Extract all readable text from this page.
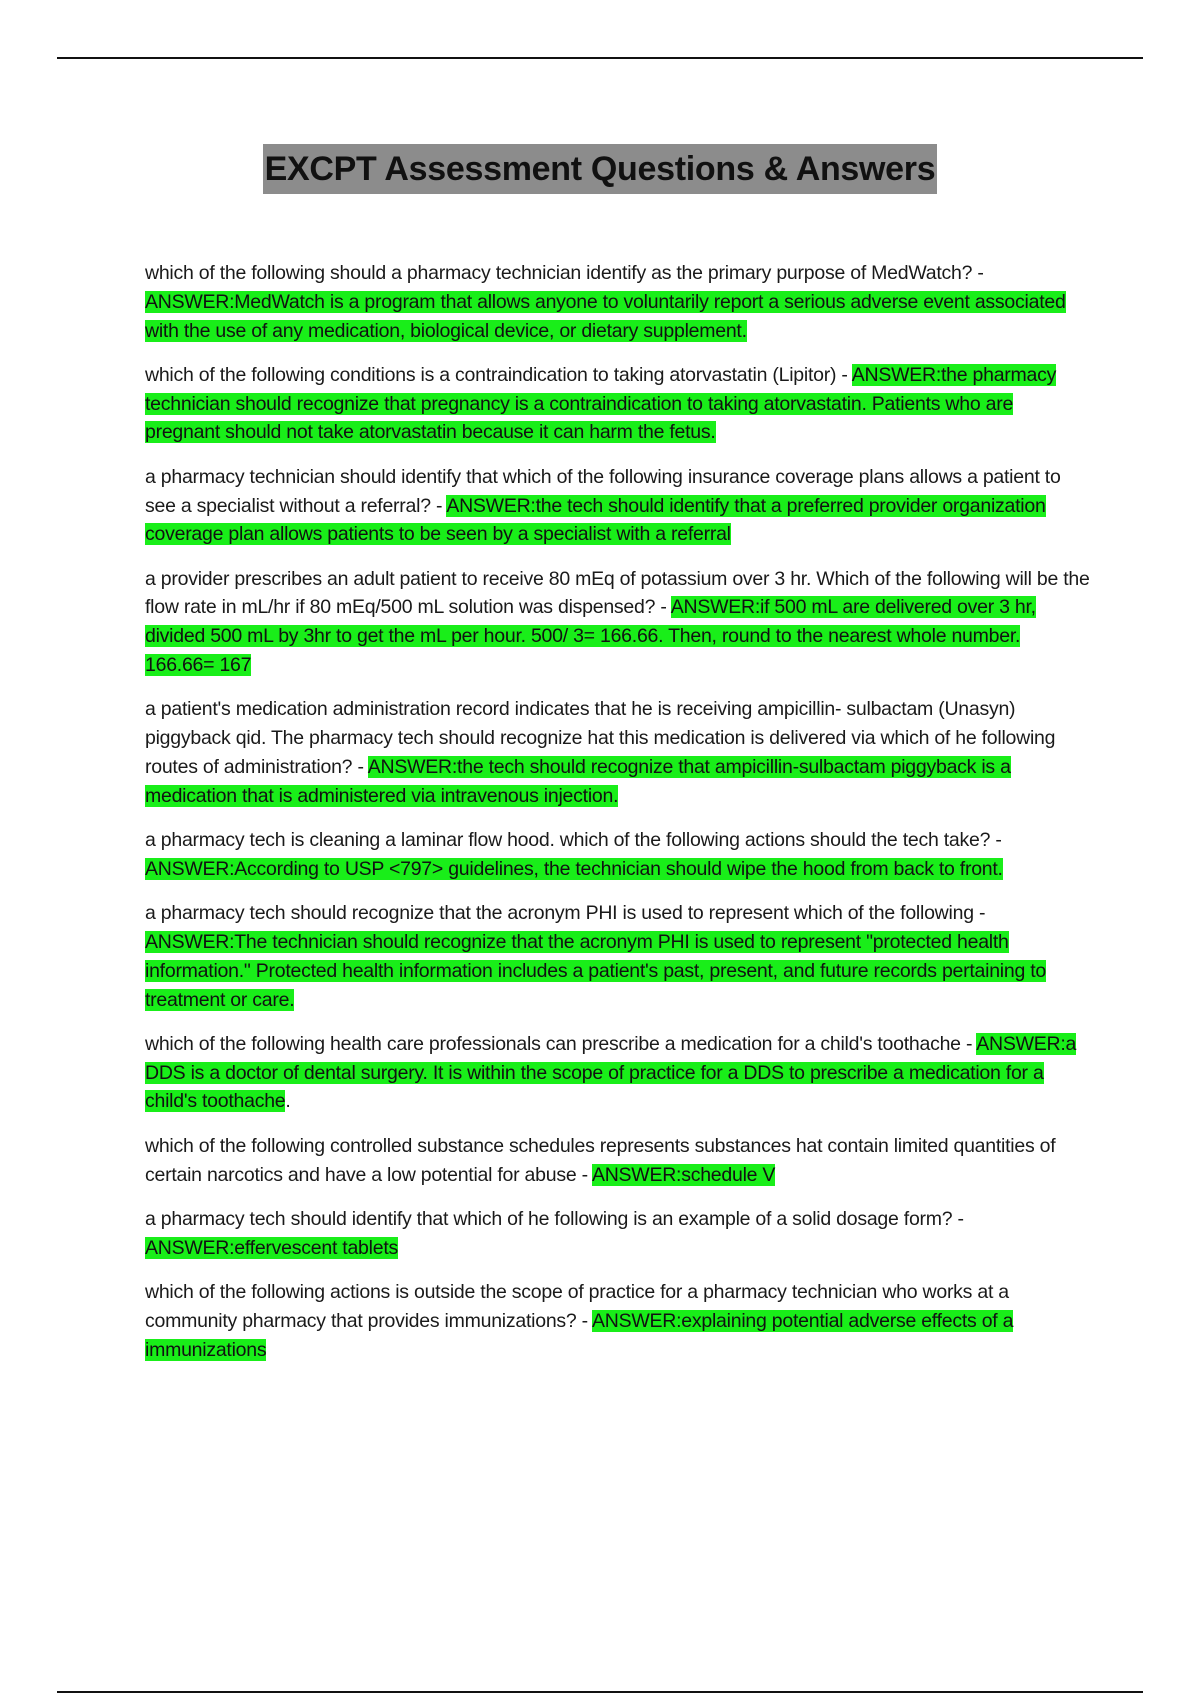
EXCPT Assessment Questions & Answers

which of the following should a pharmacy technician identify as the primary purpose of MedWatch? - ANSWER:MedWatch is a program that allows anyone to voluntarily report a serious adverse event associated with the use of any medication, biological device, or dietary supplement.

which of the following conditions is a contraindication to taking atorvastatin (Lipitor) - ANSWER:the pharmacy technician should recognize that pregnancy is a contraindication to taking atorvastatin. Patients who are pregnant should not take atorvastatin because it can harm the fetus.

a pharmacy technician should identify that which of the following insurance coverage plans allows a patient to see a specialist without a referral? - ANSWER:the tech should identify that a preferred provider organization coverage plan allows patients to be seen by a specialist with a referral

a provider prescribes an adult patient to receive 80 mEq of potassium over 3 hr. Which of the following will be the flow rate in mL/hr if 80 mEq/500 mL solution was dispensed? - ANSWER:if 500 mL are delivered over 3 hr, divided 500 mL by 3hr to get the mL per hour. 500/ 3= 166.66. Then, round to the nearest whole number. 166.66= 167

a patient's medication administration record indicates that he is receiving ampicillin- sulbactam (Unasyn) piggyback qid. The pharmacy tech should recognize hat this medication is delivered via which of he following routes of administration? - ANSWER:the tech should recognize that ampicillin-sulbactam piggyback is a medication that is administered via intravenous injection.

a pharmacy tech is cleaning a laminar flow hood. which of the following actions should the tech take? - ANSWER:According to USP <797> guidelines, the technician should wipe the hood from back to front.

a pharmacy tech should recognize that the acronym PHI is used to represent which of the following - ANSWER:The technician should recognize that the acronym PHI is used to represent "protected health information." Protected health information includes a patient's past, present, and future records pertaining to treatment or care.

which of the following health care professionals can prescribe a medication for a child's toothache - ANSWER:a DDS is a doctor of dental surgery. It is within the scope of practice for a DDS to prescribe a medication for a child's toothache.

which of the following controlled substance schedules represents substances hat contain limited quantities of certain narcotics and have a low potential for abuse - ANSWER:schedule V

a pharmacy tech should identify that which of he following is an example of a solid dosage form? - ANSWER:effervescent tablets

which of the following actions is outside the scope of practice for a pharmacy technician who works at a community pharmacy that provides immunizations? - ANSWER:explaining potential adverse effects of a immunizations
